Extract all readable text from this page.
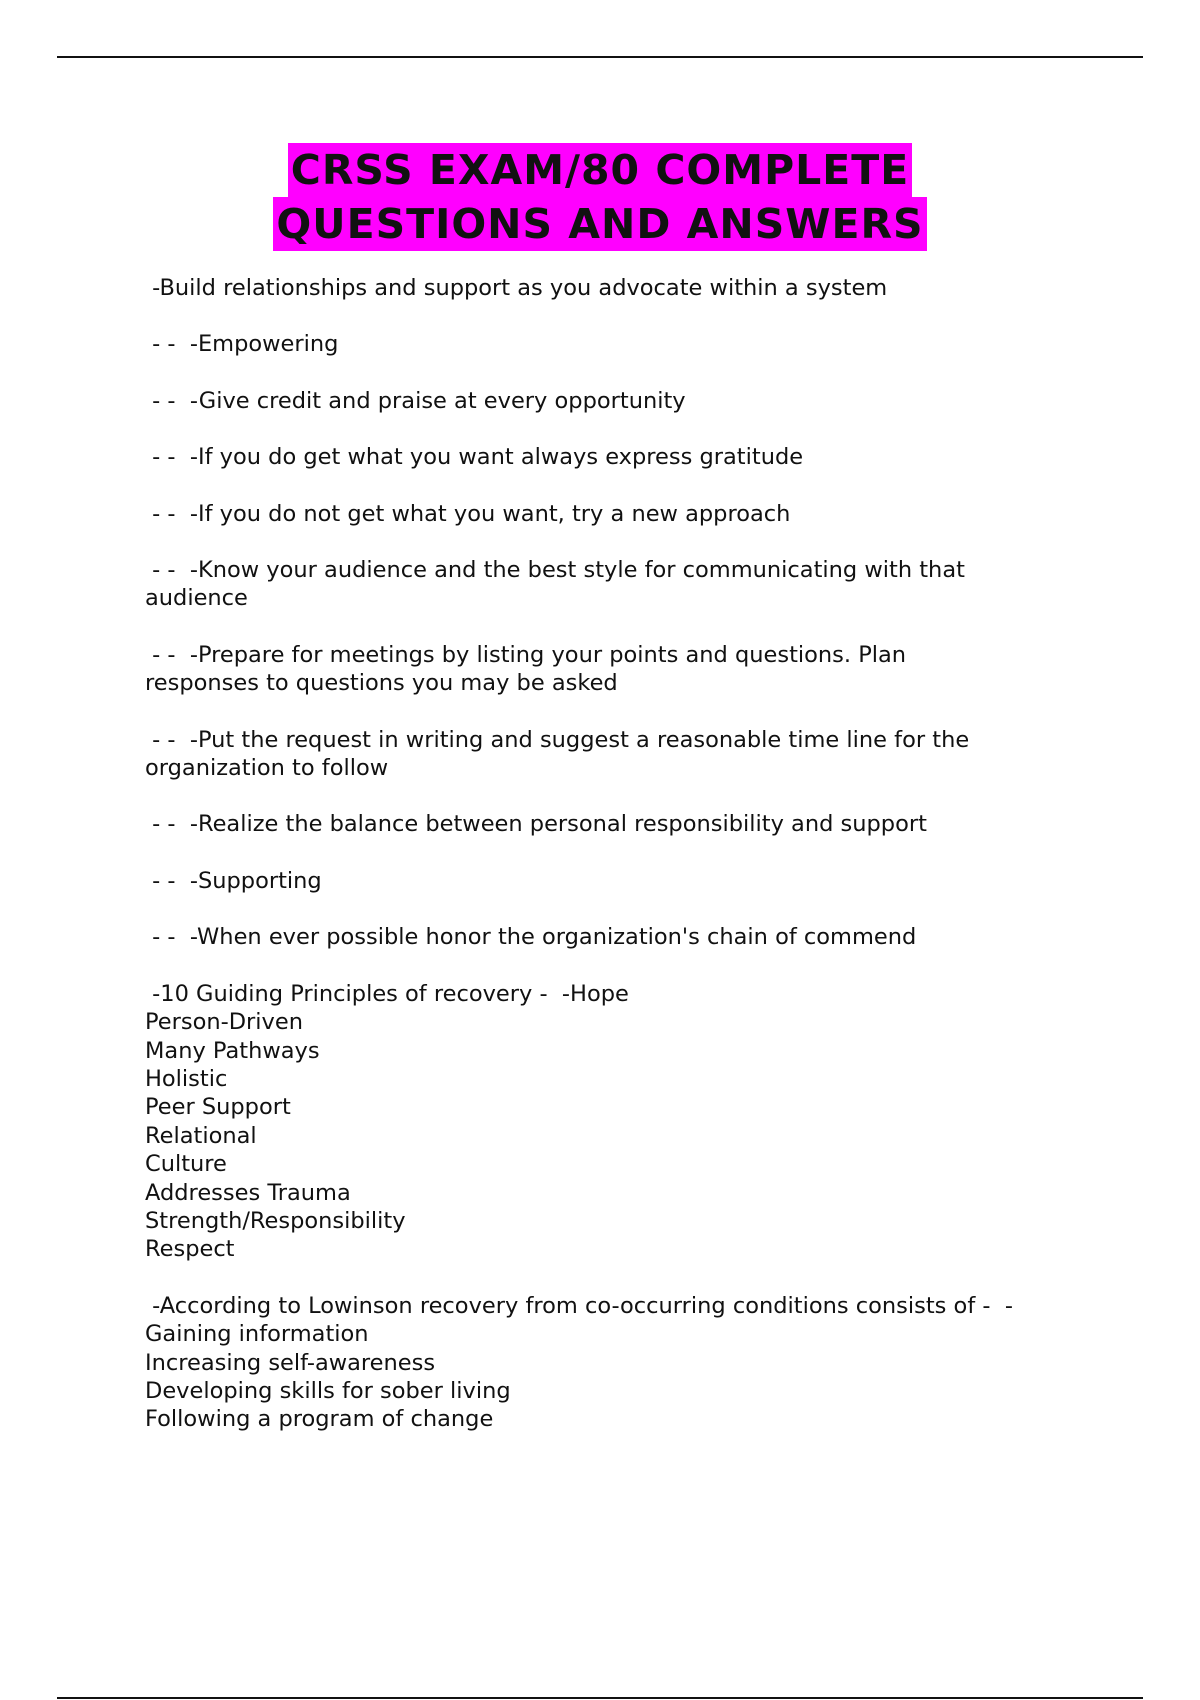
CRSS EXAM/80 COMPLETE
QUESTIONS AND ANSWERS
-Build relationships and support as you advocate within a system
- -  -Empowering
- -  -Give credit and praise at every opportunity
- -  -If you do get what you want always express gratitude
- -  -If you do not get what you want, try a new approach
- -  -Know your audience and the best style for communicating with that
audience
- -  -Prepare for meetings by listing your points and questions. Plan
responses to questions you may be asked
- -  -Put the request in writing and suggest a reasonable time line for the
organization to follow
- -  -Realize the balance between personal responsibility and support
- -  -Supporting
- -  -When ever possible honor the organization's chain of commend
-10 Guiding Principles of recovery -  -Hope
Person-Driven
Many Pathways
Holistic
Peer Support
Relational
Culture
Addresses Trauma
Strength/Responsibility
Respect
-According to Lowinson recovery from co-occurring conditions consists of -  -
Gaining information
Increasing self-awareness
Developing skills for sober living
Following a program of change
